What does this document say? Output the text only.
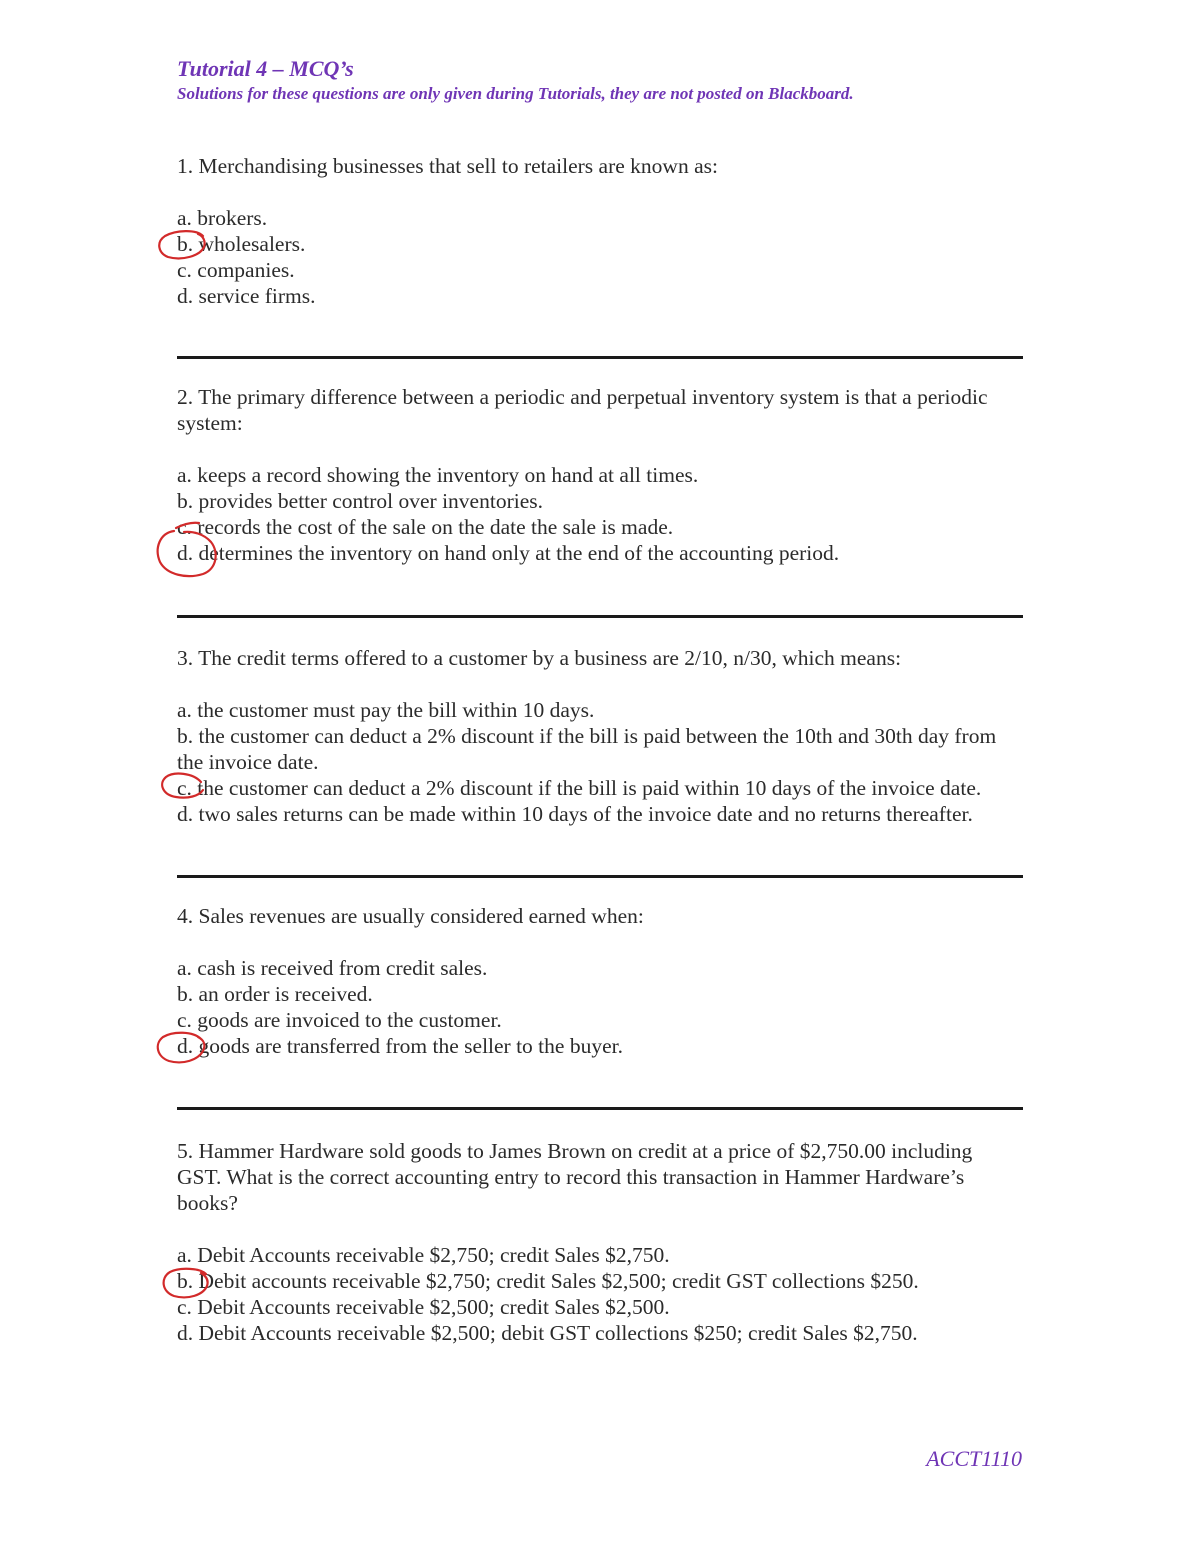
Tutorial 4 – MCQ’s
Solutions for these questions are only given during Tutorials, they are not posted on Blackboard.

1. Merchandising businesses that sell to retailers are known as:

a. brokers.
b. wholesalers.
c. companies.
d. service firms.

2. The primary difference between a periodic and perpetual inventory system is that a periodic system:

a. keeps a record showing the inventory on hand at all times.
b. provides better control over inventories.
c. records the cost of the sale on the date the sale is made.
d. determines the inventory on hand only at the end of the accounting period.

3. The credit terms offered to a customer by a business are 2/10, n/30, which means:

a. the customer must pay the bill within 10 days.
b. the customer can deduct a 2% discount if the bill is paid between the 10th and 30th day from the invoice date.
c. the customer can deduct a 2% discount if the bill is paid within 10 days of the invoice date.
d. two sales returns can be made within 10 days of the invoice date and no returns thereafter.

4. Sales revenues are usually considered earned when:

a. cash is received from credit sales.
b. an order is received.
c. goods are invoiced to the customer.
d. goods are transferred from the seller to the buyer.

5. Hammer Hardware sold goods to James Brown on credit at a price of $2,750.00 including GST. What is the correct accounting entry to record this transaction in Hammer Hardware’s books?

a. Debit Accounts receivable $2,750; credit Sales $2,750.
b. Debit accounts receivable $2,750; credit Sales $2,500; credit GST collections $250.
c. Debit Accounts receivable $2,500; credit Sales $2,500.
d. Debit Accounts receivable $2,500; debit GST collections $250; credit Sales $2,750.
ACCT1110
